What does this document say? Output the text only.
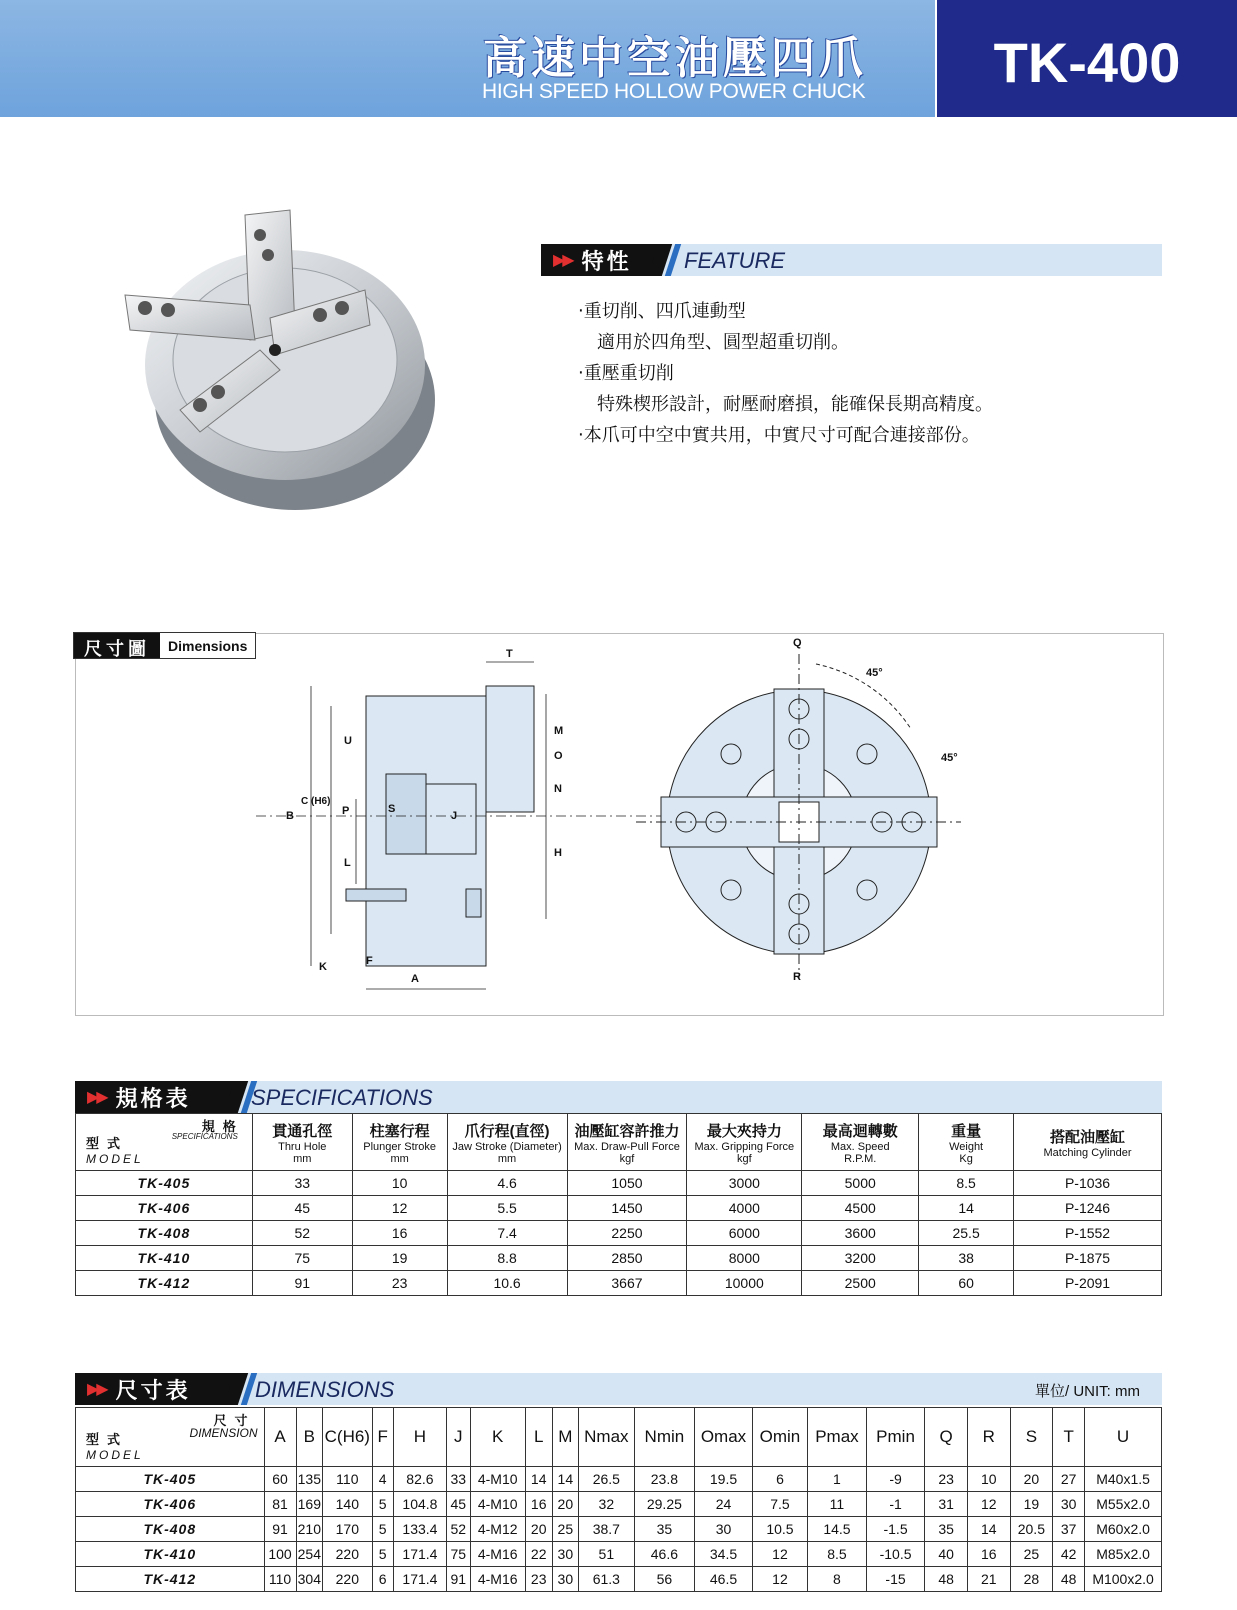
高速中空油壓四爪
HIGH SPEED HOLLOW POWER CHUCK	TK-400
▶▶ 特性 FEATURE
‧重切削、四爪連動型
適用於四角型、圓型超重切削。
‧重壓重切削
特殊楔形設計，耐壓耐磨損，能確保長期高精度。
‧本爪可中空中實共用，中實尺寸可配合連接部份。
T
U
M
O
N
J
H
B
C (H6)
P	S
L
K	F
A
Q
45°
45°
R
尺寸圖	Dimensions
▶▶ 規格表	SPECIFICATIONS
規格
SPECIFICATIONS
型式
MODEL	貫通孔徑
Thru Hole
mm	柱塞行程
Plunger Stroke
mm	爪行程(直徑)
Jaw Stroke (Diameter)
mm	油壓缸容許推力
Max. Draw-Pull Force
kgf	最大夾持力
Max. Gripping Force
kgf	最高迴轉數
Max. Speed
R.P.M.	重量
Weight
Kg	搭配油壓缸
Matching Cylinder

TK-405	33	10	4.6	1050	3000	5000	8.5	P-1036
TK-406	45	12	5.5	1450	4000	4500	14	P-1246
TK-408	52	16	7.4	2250	6000	3600	25.5	P-1552
TK-410	75	19	8.8	2850	8000	3200	38	P-1875
TK-412	91	23	10.6	3667	10000	2500	60	P-2091
▶▶ 尺寸表	DIMENSIONS	單位/ UNIT: mm
尺寸
DIMENSION
型式
MODEL	A	B	C(H6)	F	H	J	K	L	M	Nmax	Nmin	Omax	Omin	Pmax	Pmin	Q	R	S	T	U
TK-405	60	135	110	4	82.6	33	4-M10	14	14	26.5	23.8	19.5	6	1	-9	23	10	20	27	M40x1.5
TK-406	81	169	140	5	104.8	45	4-M10	16	20	32	29.25	24	7.5	11	-1	31	12	19	30	M55x2.0
TK-408	91	210	170	5	133.4	52	4-M12	20	25	38.7	35	30	10.5	14.5	-1.5	35	14	20.5	37	M60x2.0
TK-410	100	254	220	5	171.4	75	4-M16	22	30	51	46.6	34.5	12	8.5	-10.5	40	16	25	42	M85x2.0
TK-412	110	304	220	6	171.4	91	4-M16	23	30	61.3	56	46.5	12	8	-15	48	21	28	48	M100x2.0
